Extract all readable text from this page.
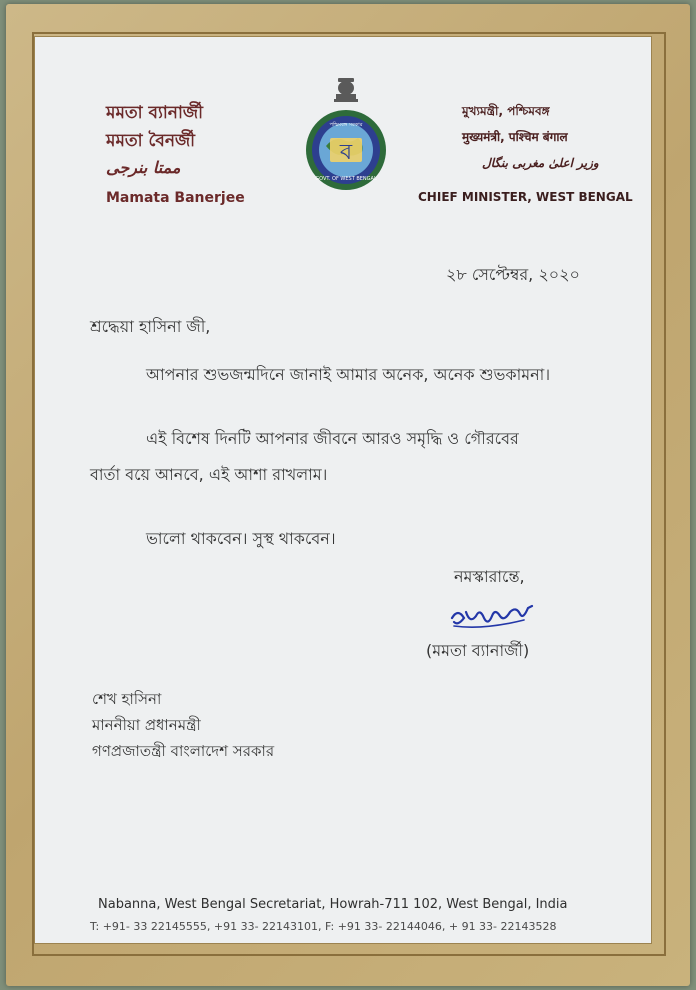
মমতা ব্যানার্জী
মমতা বৈনর্জী
ممتا بنرجی
Mamata Banerjee
ব
পশ্চিমবঙ্গ সরকার
GOVT. OF WEST BENGAL
মুখ্যমন্ত্রী, পশ্চিমবঙ্গ
मुख्यमंत्री, पश्चिम बंगाल
وزیر اعلیٰ مغربی بنگال
CHIEF MINISTER, WEST BENGAL
২৮ সেপ্টেম্বর, ২০২০
শ্রদ্ধেয়া হাসিনা জী,
আপনার শুভজন্মদিনে জানাই আমার অনেক, অনেক শুভকামনা।
এই বিশেষ দিনটি আপনার জীবনে আরও সমৃদ্ধি ও গৌরবের
বার্তা বয়ে আনবে, এই আশা রাখলাম।
ভালো থাকবেন। সুস্থ থাকবেন।
নমস্কারান্তে,
(মমতা ব্যানার্জী)
শেখ হাসিনা
মাননীয়া প্রধানমন্ত্রী
গণপ্রজাতন্ত্রী বাংলাদেশ সরকার
Nabanna, West Bengal Secretariat, Howrah-711 102, West Bengal, India
T: +91- 33 22145555, +91 33- 22143101, F: +91 33- 22144046, + 91 33- 22143528
